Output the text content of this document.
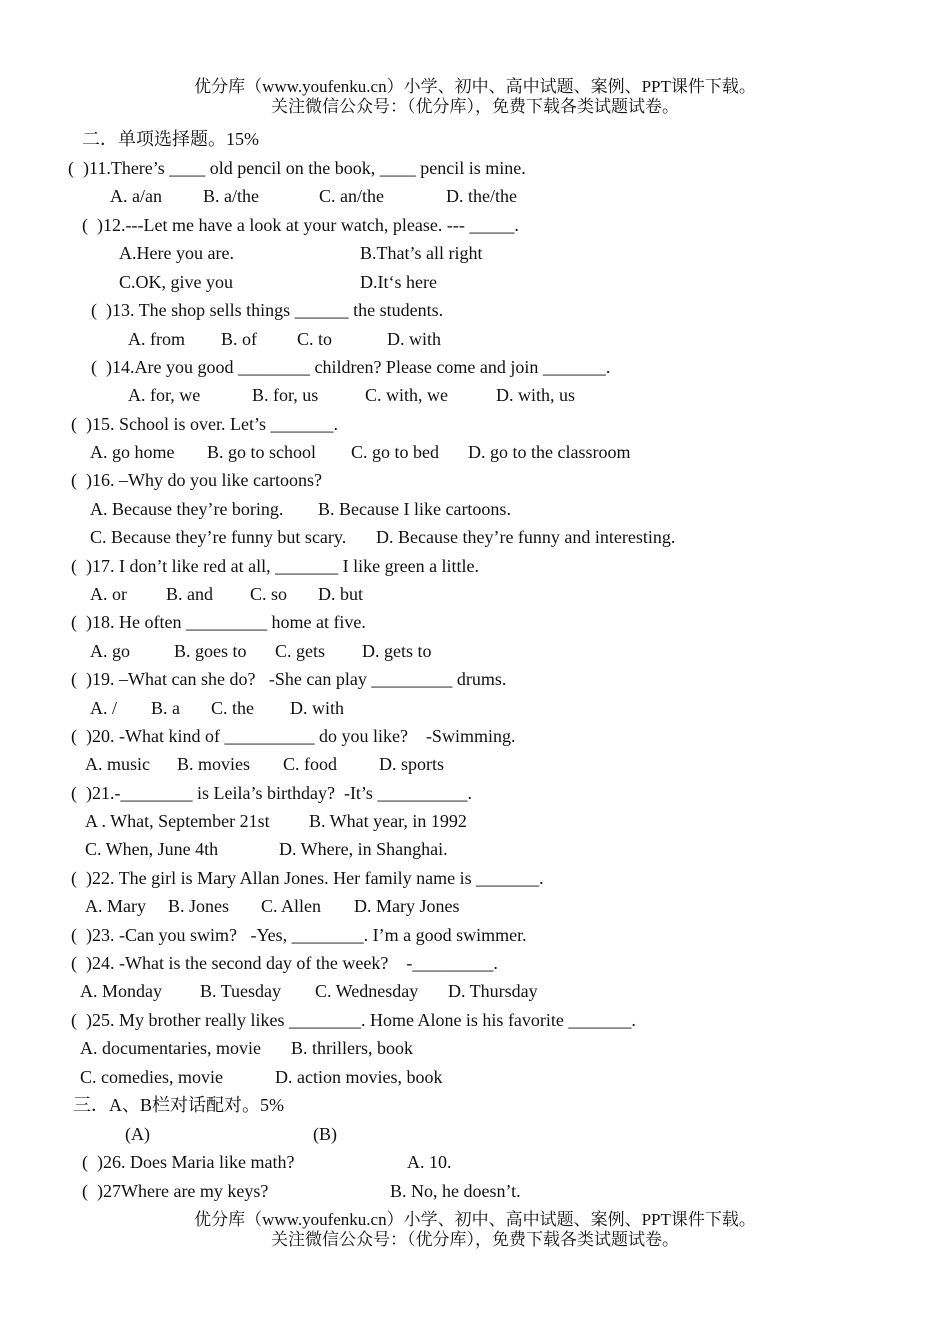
优分库（www.youfenku.cn）小学、初中、高中试题、案例、PPT课件下载。
关注微信公众号：（优分库），免费下载各类试题试卷。
二．单项选择题。15%
(  )11.There’s ____ old pencil on the book, ____ pencil is mine.
A. a/an B. a/the	C. an/the	D. the/the
(  )12.---Let me have a look at your watch, please. --- _____.
A.Here you are.	B.That’s all right
C.OK, give you	D.It‘s here
(  )13. The shop sells things ______ the students.
A. from B. of C. to	D. with
(  )14.Are you good ________ children? Please come and join _______.
A. for, we	B. for, us	C. with, we	D. with, us
(  )15. School is over. Let’s _______.
A. go home B. go to school C. go to bed D. go to the classroom
(  )16. –Why do you like cartoons?
A. Because they’re boring. B. Because I like cartoons.
C. Because they’re funny but scary. D. Because they’re funny and interesting.
(  )17. I don’t like red at all, _______ I like green a little.
A. or B. and C. so D. but
(  )18. He often _________ home at five.
A. go B. goes to C. gets D. gets to
(  )19. –What can she do?   -She can play _________ drums.
A. / B. a C. the D. with
(  )20. -What kind of __________ do you like?    -Swimming.
A. music B. movies C. food D. sports
(  )21.-________ is Leila’s birthday?  -It’s __________.
A . What, September 21st B. What year, in 1992
C. When, June 4th	D. Where, in Shanghai.
(  )22. The girl is Mary Allan Jones. Her family name is _______.
A. Mary B. Jones C. Allen D. Mary Jones
(  )23. -Can you swim?   -Yes, ________. I’m a good swimmer.
(  )24. -What is the second day of the week?    -_________.
A. Monday B. Tuesday C. Wednesday D. Thursday
(  )25. My brother really likes ________. Home Alone is his favorite _______.
A. documentaries, movie B. thrillers, book
C. comedies, movie	D. action movies, book
三．A、B栏对话配对。5%
(A)	(B)
(  )26. Does Maria like math?	A. 10.
(  )27Where are my keys?	B. No, he doesn’t.
优分库（www.youfenku.cn）小学、初中、高中试题、案例、PPT课件下载。
关注微信公众号：（优分库），免费下载各类试题试卷。
